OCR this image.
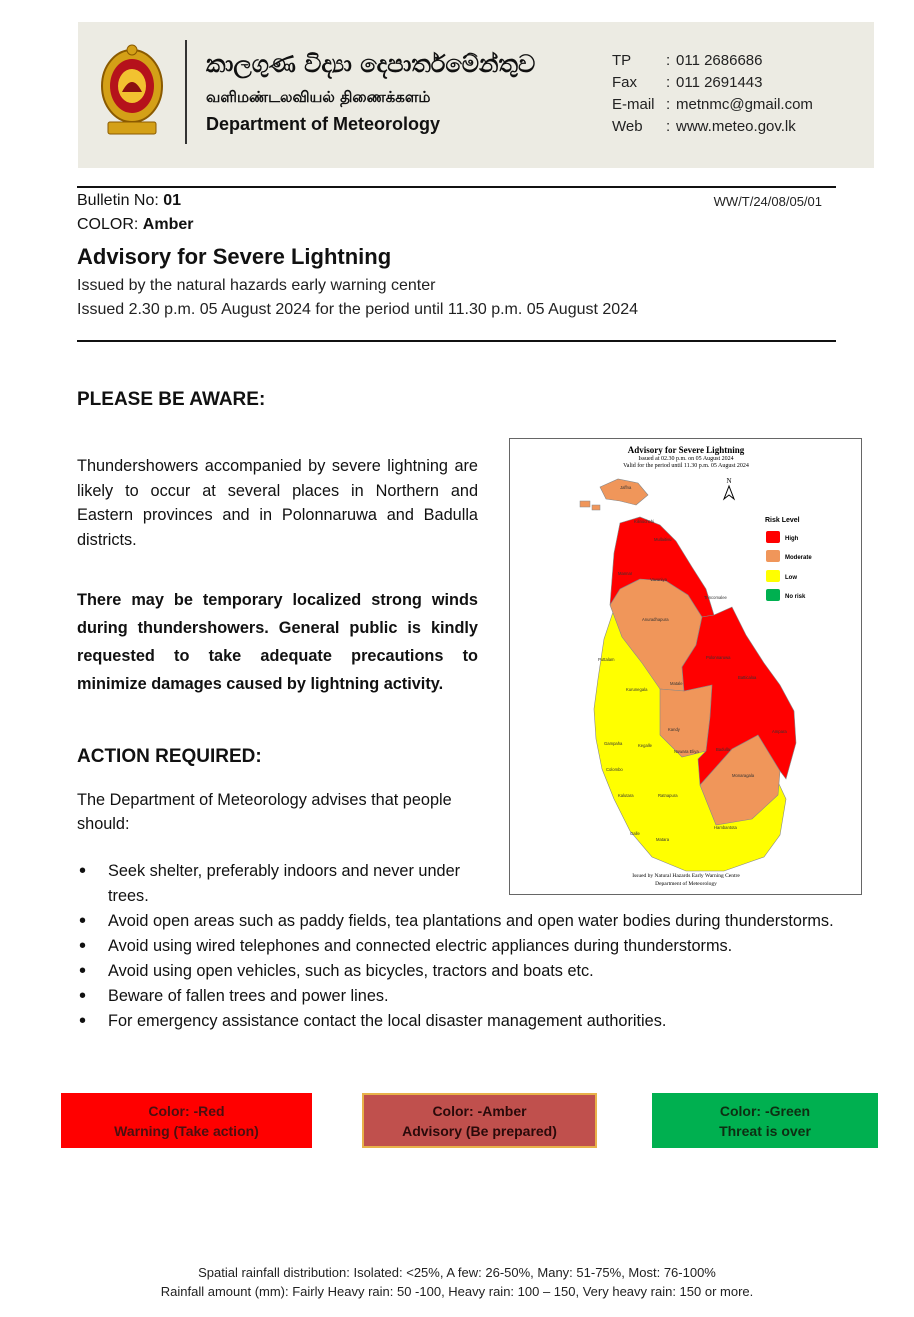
කාලගුණ විද්‍යා දෙපාර්තමේන්තුව
வளிமண்டலவியல் திணைக்களம்
Department of Meteorology
TP	: 011 2686686
Fax	: 011 2691443
E-mail : metnmc@gmail.com
Web	: www.meteo.gov.lk
Bulletin No: 01
COLOR: Amber
WW/T/24/08/05/01
Advisory for Severe Lightning
Issued by the natural hazards early warning center
Issued 2.30 p.m. 05 August 2024 for the period until 11.30 p.m. 05 August 2024
PLEASE BE AWARE:
Thundershowers accompanied by severe lightning are likely to occur at several places in Northern and Eastern provinces and in Polonnaruwa and Badulla districts.
There may be temporary localized strong winds during thundershowers. General public is kindly requested to take adequate precautions to minimize damages caused by lightning activity.
ACTION REQUIRED:
The Department of Meteorology advises that people should:
• Seek shelter, preferably indoors and never under trees.
• Avoid open areas such as paddy fields, tea plantations and open water bodies during thunderstorms.
• Avoid using wired telephones and connected electric appliances during thunderstorms.
• Avoid using open vehicles, such as bicycles, tractors and boats etc.
• Beware of fallen trees and power lines.
• For emergency assistance contact the local disaster management authorities.
Advisory for Severe Lightning
Issued at 02.30 p.m. on 05 August 2024
Valid for the period until 11.30 p.m. 05 August 2024
N
Jaffna
Kilinochchi
Mullaitivu
Mannar
Vavuniya
Trincomalee
Anuradhapura
Puttalam	Polonnaruwa
Batticaloa
Kurunegala
Matale
Kandy	Ampara
Gampaha	Kegalle
Nuwara Eliya	Badulla
Colombo
Monaragala
Kalutara	Ratnapura
Hambantota
Galle
Matara
Risk Level
High
Moderate
Low
No risk
Issued by Natural Hazards Early Warning Centre
Department of Meteorology
Color: -Red
Warning (Take action)
Color: -Amber
Advisory (Be prepared)
Color: -Green
Threat is over
Spatial rainfall distribution: Isolated: <25%, A few: 26-50%, Many: 51-75%, Most: 76-100%
Rainfall amount (mm): Fairly Heavy rain: 50 -100, Heavy rain: 100 – 150, Very heavy rain: 150 or more.
